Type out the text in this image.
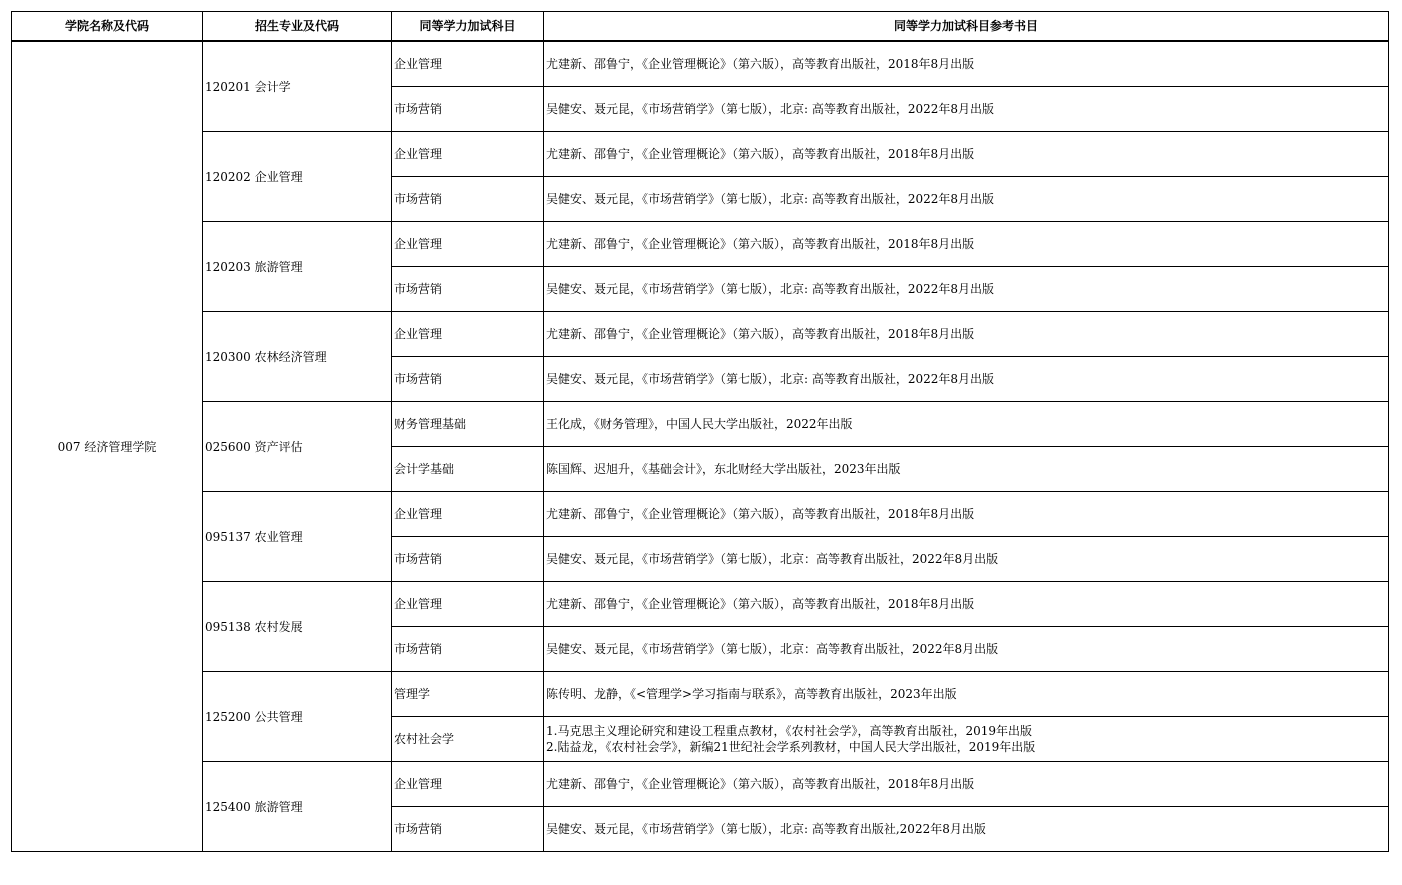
学院名称及代码	招生专业及代码	同等学力加试科目	同等学力加试科目参考书目
007 经济管理学院	120201 会计学	企业管理	尤建新、邵鲁宁，《企业管理概论》（第六版），高等教育出版社，2018年8月出版

		市场营销	吴健安、聂元昆，《市场营销学》（第七版），北京: 高等教育出版社，2022年8月出版

	120202 企业管理	企业管理	尤建新、邵鲁宁，《企业管理概论》（第六版），高等教育出版社，2018年8月出版

		市场营销	吴健安、聂元昆，《市场营销学》（第七版），北京: 高等教育出版社，2022年8月出版

	120203 旅游管理	企业管理	尤建新、邵鲁宁，《企业管理概论》（第六版），高等教育出版社，2018年8月出版

		市场营销	吴健安、聂元昆，《市场营销学》（第七版），北京: 高等教育出版社，2022年8月出版

	120300 农林经济管理	企业管理	尤建新、邵鲁宁，《企业管理概论》（第六版），高等教育出版社，2018年8月出版

		市场营销	吴健安、聂元昆，《市场营销学》（第七版），北京: 高等教育出版社，2022年8月出版

	025600 资产评估	财务管理基础	王化成，《财务管理》，中国人民大学出版社，2022年出版

		会计学基础	陈国辉、迟旭升，《基础会计》，东北财经大学出版社，2023年出版

	095137 农业管理	企业管理	尤建新、邵鲁宁，《企业管理概论》（第六版），高等教育出版社，2018年8月出版

		市场营销	吴健安、聂元昆，《市场营销学》（第七版），北京：高等教育出版社，2022年8月出版

	095138 农村发展	企业管理	尤建新、邵鲁宁，《企业管理概论》（第六版），高等教育出版社，2018年8月出版

		市场营销	吴健安、聂元昆，《市场营销学》（第七版），北京：高等教育出版社，2022年8月出版

	125200 公共管理	管理学	陈传明、龙静，《<管理学>学习指南与联系》，高等教育出版社，2023年出版

		农村社会学	1.马克思主义理论研究和建设工程重点教材，《农村社会学》，高等教育出版社，2019年出版
2.陆益龙，《农村社会学》，新编21世纪社会学系列教材，中国人民大学出版社，2019年出版

	125400 旅游管理	企业管理	尤建新、邵鲁宁，《企业管理概论》（第六版），高等教育出版社，2018年8月出版

		市场营销	吴健安、聂元昆，《市场营销学》（第七版），北京: 高等教育出版社,2022年8月出版
